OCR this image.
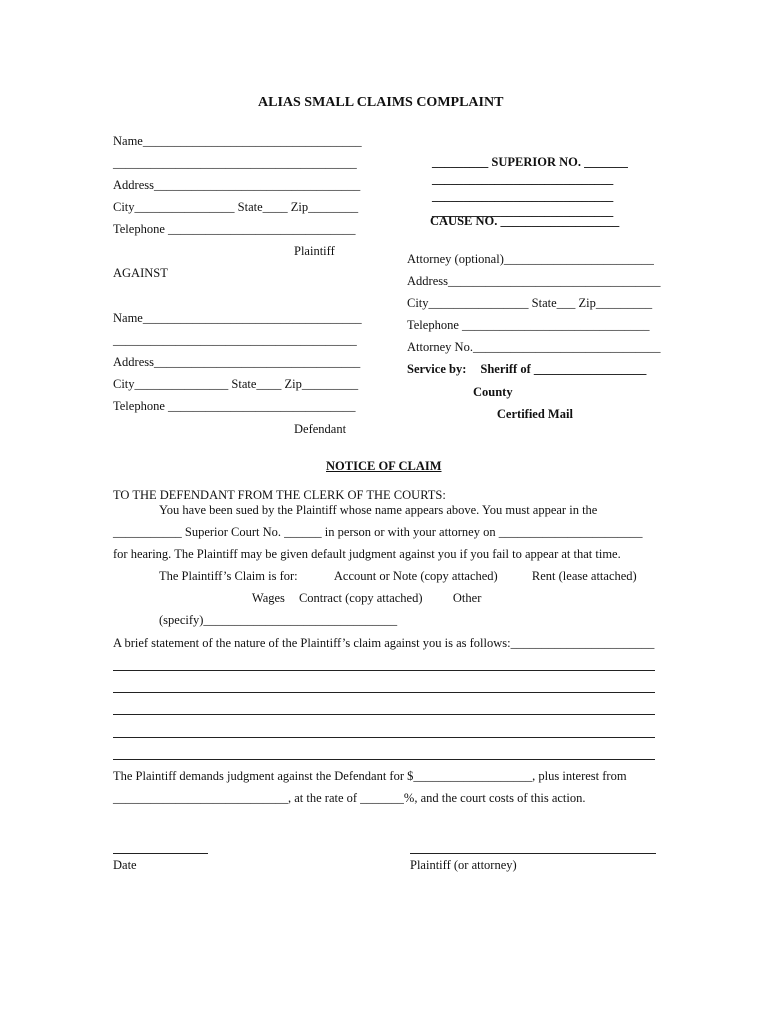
ALIAS SMALL CLAIMS COMPLAINT
Name___________________________________
_______________________________________
Address_________________________________
City________________ State____ Zip________
Telephone ______________________________
Plaintiff
AGAINST
Name___________________________________
_______________________________________
Address_________________________________
City_______________ State____ Zip_________
Telephone ______________________________
Defendant
_________ SUPERIOR NO. _______
_____________________________
_____________________________
_____________________________
CAUSE NO. ___________________
Attorney (optional)________________________
Address__________________________________
City________________ State___ Zip_________
Telephone ______________________________
Attorney No.______________________________
Service by: Sheriff of __________________
County
Certified Mail
NOTICE OF CLAIM
TO THE DEFENDANT FROM THE CLERK OF THE COURTS:
You have been sued by the Plaintiff whose name appears above. You must appear in the
___________ Superior Court No. ______ in person or with your attorney on _______________________
for hearing. The Plaintiff may be given default judgment against you if you fail to appear at that time.
The Plaintiff’s Claim is for: Account or Note (copy attached)	Rent (lease attached)
Wages Contract (copy attached)	Other
(specify)_______________________________
A brief statement of the nature of the Plaintiff’s claim against you is as follows:_______________________
The Plaintiff demands judgment against the Defendant for $___________________, plus interest from
____________________________, at the rate of _______%, and the court costs of this action.
Date	Plaintiff (or attorney)
